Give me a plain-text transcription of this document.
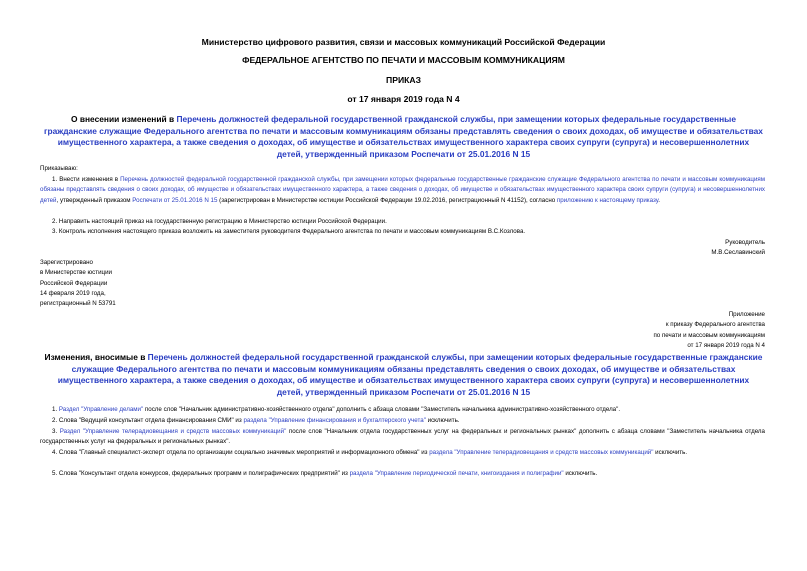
Министерство цифрового развития, связи и массовых коммуникаций Российской Федерации
ФЕДЕРАЛЬНОЕ АГЕНТСТВО ПО ПЕЧАТИ И МАССОВЫМ КОММУНИКАЦИЯМ
ПРИКАЗ
от 17 января 2019 года N 4
О внесении изменений в Перечень должностей федеральной государственной гражданской службы, при замещении которых федеральные государственные гражданские служащие Федерального агентства по печати и массовым коммуникациям обязаны представлять сведения о своих доходах, об имуществе и обязательствах имущественного характера, а также сведения о доходах, об имуществе и обязательствах имущественного характера своих супруги (супруга) и несовершеннолетних детей, утвержденный приказом Роспечати от 25.01.2016 N 15
Приказываю:
1. Внести изменения в Перечень должностей федеральной государственной гражданской службы, при замещении которых федеральные государственные гражданские служащие Федерального агентства по печати и массовым коммуникациям обязаны представлять сведения о своих доходах, об имуществе и обязательствах имущественного характера, а также сведения о доходах, об имуществе и обязательствах имущественного характера своих супруги (супруга) и несовершеннолетних детей, утвержденный приказом Роспечати от 25.01.2016 N 15 (зарегистрирован в Министерстве юстиции Российской Федерации 19.02.2016, регистрационный N 41152), согласно приложению к настоящему приказу.
2. Направить настоящий приказ на государственную регистрацию в Министерство юстиции Российской Федерации.
3. Контроль исполнения настоящего приказа возложить на заместителя руководителя Федерального агентства по печати и массовым коммуникациям В.С.Козлова.
Руководитель
М.В.Сеславинский
Зарегистрировано
в Министерстве юстиции
Российской Федерации
14 февраля 2019 года,
регистрационный N 53791
Приложение
к приказу Федерального агентства
по печати и массовым коммуникациям
от 17 января 2019 года N 4
Изменения, вносимые в Перечень должностей федеральной государственной гражданской службы, при замещении которых федеральные государственные гражданские служащие Федерального агентства по печати и массовым коммуникациям обязаны представлять сведения о своих доходах, об имуществе и обязательствах имущественного характера, а также сведения о доходах, об имуществе и обязательствах имущественного характера своих супруги (супруга) и несовершеннолетних детей, утвержденный приказом Роспечати от 25.01.2016 N 15
1. Раздел "Управление делами" после слов "Начальник административно-хозяйственного отдела" дополнить с абзаца словами "Заместитель начальника административно-хозяйственного отдела".
2. Слова "Ведущий консультант отдела финансирования СМИ" из раздела "Управление финансирования и бухгалтерского учета" исключить.
3. Раздел "Управление телерадиовещания и средств массовых коммуникаций" после слов "Начальник отдела государственных услуг на федеральных и региональных рынках" дополнить с абзаца словами "Заместитель начальника отдела государственных услуг на федеральных и региональных рынках".
4. Слова "Главный специалист-эксперт отдела по организации социально значимых мероприятий и информационного обмена" из раздела "Управление телерадиовещания и средств массовых коммуникаций" исключить.
5. Слова "Консультант отдела конкурсов, федеральных программ и полиграфических предприятий" из раздела "Управление периодической печати, книгоиздания и полиграфии" исключить.
